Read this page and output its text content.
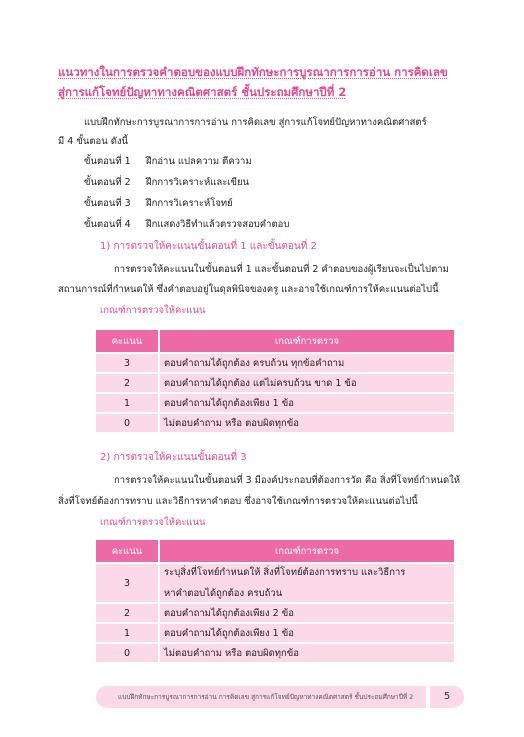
แนวทางในการตรวจคำตอบของแบบฝึกทักษะการบูรณาการการอ่าน การคิดเลข
สู่การแก้โจทย์ปัญหาทางคณิตศาสตร์ ชั้นประถมศึกษาปีที่ 2
แบบฝึกทักษะการบูรณาการการอ่าน การคิดเลข สู่การแก้โจทย์ปัญหาทางคณิตศาสตร์
มี 4 ขั้นตอน ดังนี้
ขั้นตอนที่ 1 ฝึกอ่าน แปลความ ตีความ
ขั้นตอนที่ 2 ฝึกการวิเคราะห์และเขียน
ขั้นตอนที่ 3 ฝึกการวิเคราะห์โจทย์
ขั้นตอนที่ 4 ฝึกแสดงวิธีทำแล้วตรวจสอบคำตอบ
1) การตรวจให้คะแนนขั้นตอนที่ 1 และขั้นตอนที่ 2
การตรวจให้คะแนนในขั้นตอนที่ 1 และขั้นตอนที่ 2 คำตอบของผู้เรียนจะเป็นไปตาม
สถานการณ์ที่กำหนดให้ ซึ่งคำตอบอยู่ในดุลพินิจของครู และอาจใช้เกณฑ์การให้คะแนนต่อไปนี้
เกณฑ์การตรวจให้คะแนน
คะแนน	เกณฑ์การตรวจ
3	ตอบคำถามได้ถูกต้อง ครบถ้วน ทุกข้อคำถาม
2	ตอบคำถามได้ถูกต้อง แต่ไม่ครบถ้วน ขาด 1 ข้อ
1	ตอบคำถามได้ถูกต้องเพียง 1 ข้อ
0	ไม่ตอบคำถาม หรือ ตอบผิดทุกข้อ
2) การตรวจให้คะแนนขั้นตอนที่ 3
การตรวจให้คะแนนในขั้นตอนที่ 3 มีองค์ประกอบที่ต้องการวัด คือ สิ่งที่โจทย์กำหนดให้
สิ่งที่โจทย์ต้องการทราบ และวิธีการหาคำตอบ ซึ่งอาจใช้เกณฑ์การตรวจให้คะแนนต่อไปนี้
เกณฑ์การตรวจให้คะแนน
คะแนน	เกณฑ์การตรวจ
3	ระบุสิ่งที่โจทย์กำหนดให้ สิ่งที่โจทย์ต้องการทราบ และวิธีการ
หาคำตอบได้ถูกต้อง ครบถ้วน

2	ตอบคำถามได้ถูกต้องเพียง 2 ข้อ
1	ตอบคำถามได้ถูกต้องเพียง 1 ข้อ
0	ไม่ตอบคำถาม หรือ ตอบผิดทุกข้อ
แบบฝึกทักษะการบูรณาการการอ่าน การคิดเลข สู่การแก้โจทย์ปัญหาทางคณิตศาสตร์ ชั้นประถมศึกษาปีที่ 2	5
